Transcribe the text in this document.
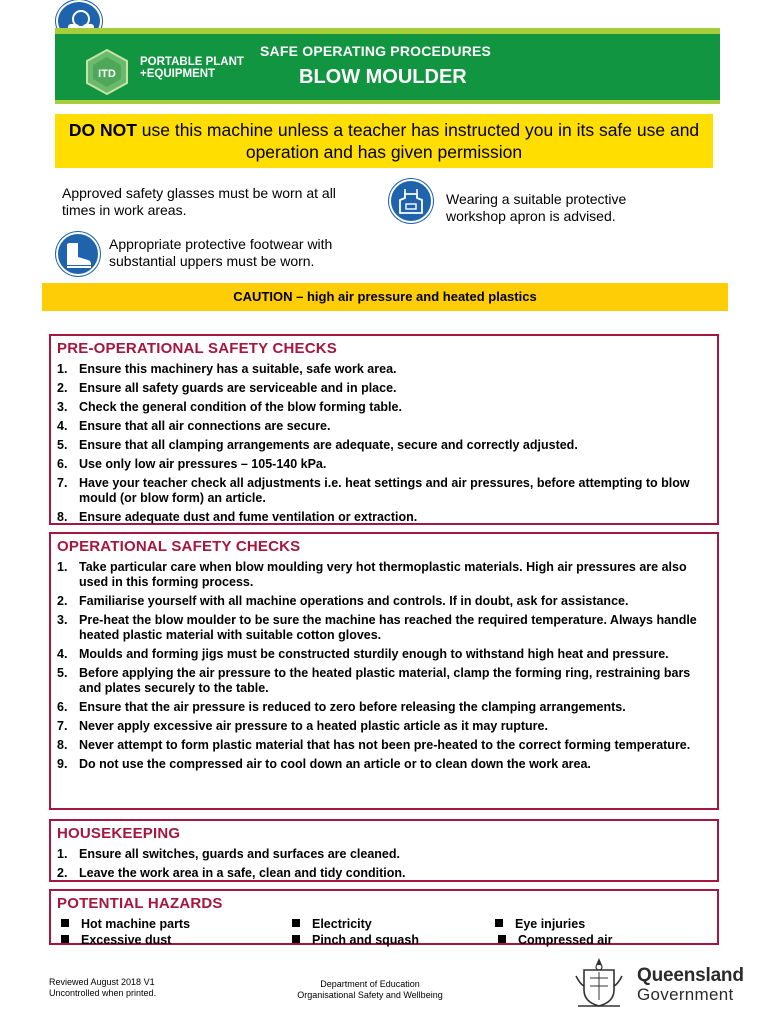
ITD
PORTABLE PLANT
+EQUIPMENT
SAFE OPERATING PROCEDURES
BLOW MOULDER
DO NOT use this machine unless a teacher has instructed you in its safe use and operation and has given permission
Approved safety glasses must be worn at all
times in work areas.
Wearing a suitable protective
workshop apron is advised.
Appropriate protective footwear with
substantial uppers must be worn.
CAUTION – high air pressure and heated plastics
PRE-OPERATIONAL SAFETY CHECKS
1. Ensure this machinery has a suitable, safe work area.
2. Ensure all safety guards are serviceable and in place.
3. Check the general condition of the blow forming table.
4. Ensure that all air connections are secure.
5. Ensure that all clamping arrangements are adequate, secure and correctly adjusted.
6. Use only low air pressures – 105-140 kPa.
7. Have your teacher check all adjustments i.e. heat settings and air pressures, before attempting to blow mould (or blow form) an article.
8. Ensure adequate dust and fume ventilation or extraction.
OPERATIONAL SAFETY CHECKS
1. Take particular care when blow moulding very hot thermoplastic materials. High air pressures are also used in this forming process.
2. Familiarise yourself with all machine operations and controls. If in doubt, ask for assistance.
3. Pre-heat the blow moulder to be sure the machine has reached the required temperature. Always handle heated plastic material with suitable cotton gloves.
4. Moulds and forming jigs must be constructed sturdily enough to withstand high heat and pressure.
5. Before applying the air pressure to the heated plastic material, clamp the forming ring, restraining bars and plates securely to the table.
6. Ensure that the air pressure is reduced to zero before releasing the clamping arrangements.
7. Never apply excessive air pressure to a heated plastic article as it may rupture.
8. Never attempt to form plastic material that has not been pre-heated to the correct forming temperature.
9. Do not use the compressed air to cool down an article or to clean down the work area.
HOUSEKEEPING
1. Ensure all switches, guards and surfaces are cleaned.
2. Leave the work area in a safe, clean and tidy condition.
POTENTIAL HAZARDS
Hot machine parts	Electricity	Eye injuries
Excessive dust	Pinch and squash	Compressed air
Reviewed August 2018 V1
Uncontrolled when printed.
Department of Education
Organisational Safety and Wellbeing
Queensland
Government
